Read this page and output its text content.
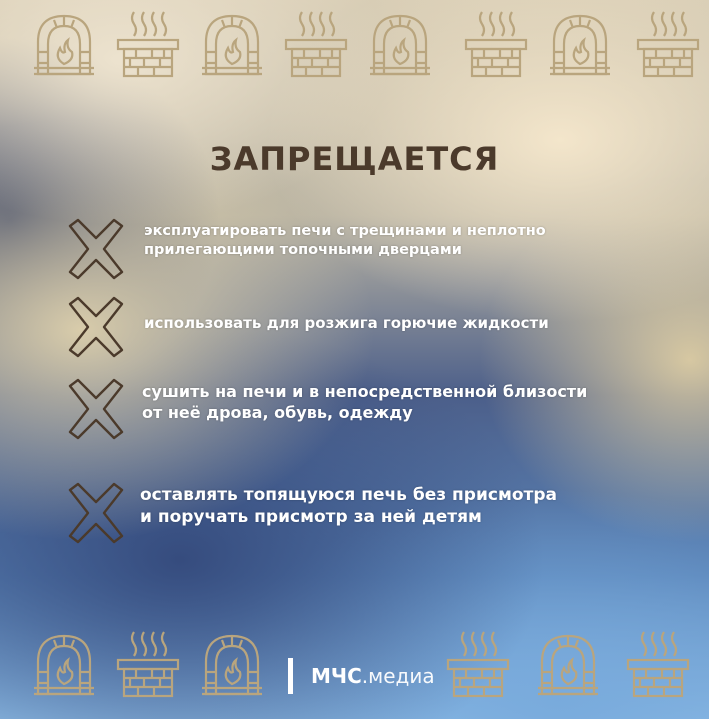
ЗАПРЕЩАЕТСЯ
эксплуатировать печи с трещинами и неплотно
прилегающими топочными дверцами
использовать для розжига горючие жидкости
сушить на печи и в непосредственной близости
от неё дрова, обувь, одежду
оставлять топящуюся печь без присмотра
и поручать присмотр за ней детям
МЧС .медиа
